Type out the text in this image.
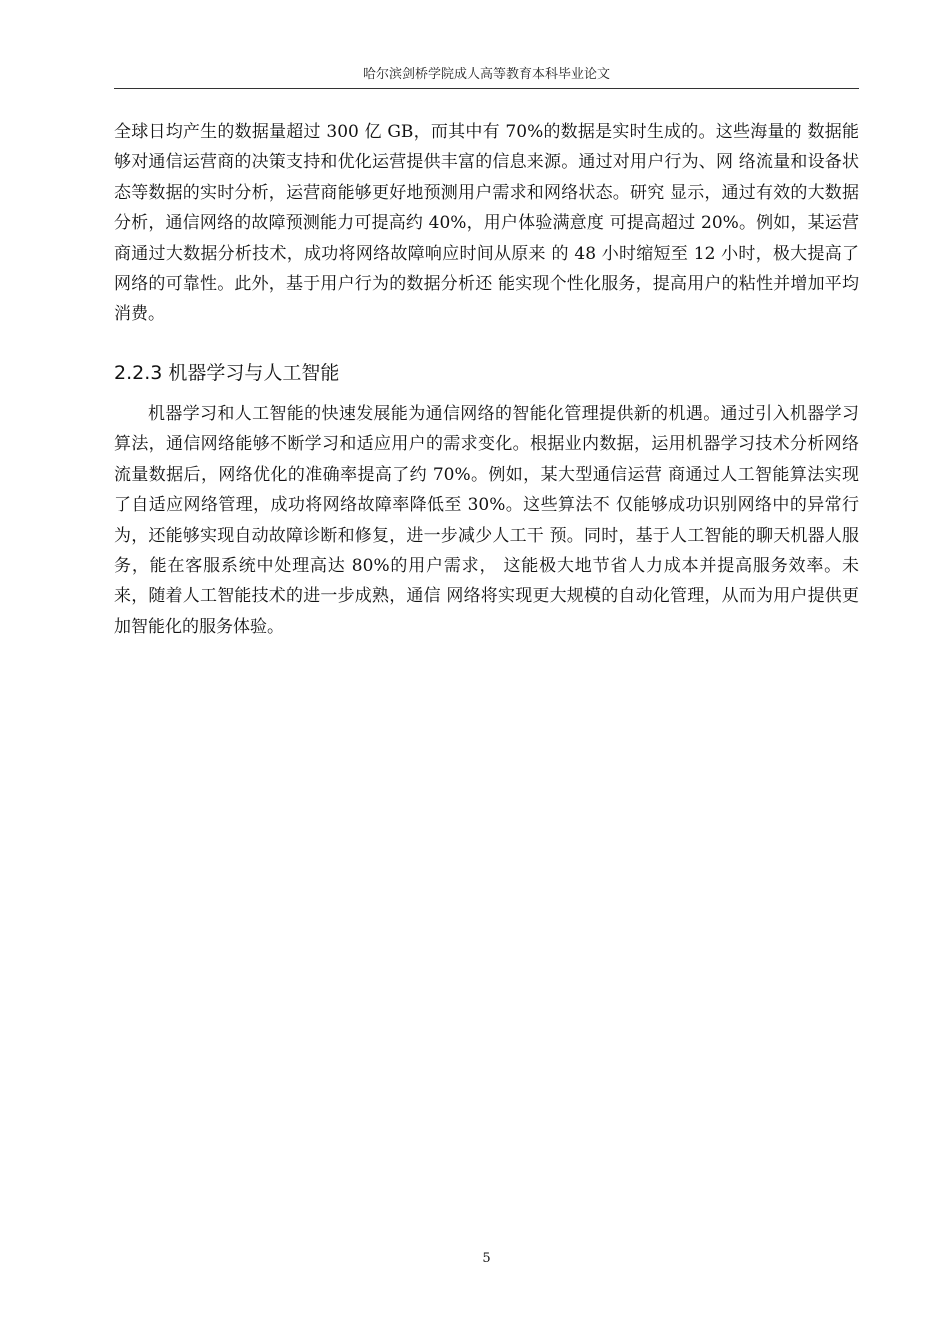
哈尔滨剑桥学院成人高等教育本科毕业论文

全球日均产生的数据量超过 300 亿 GB，而其中有 70%的数据是实时生成的。这些海量的 数据能够对通信运营商的决策支持和优化运营提供丰富的信息来源。通过对用户行为、网 络流量和设备状态等数据的实时分析，运营商能够更好地预测用户需求和网络状态。研究 显示，通过有效的大数据分析，通信网络的故障预测能力可提高约 40%，用户体验满意度 可提高超过 20%。例如，某运营商通过大数据分析技术，成功将网络故障响应时间从原来 的 48 小时缩短至 12 小时，极大提高了网络的可靠性。此外，基于用户行为的数据分析还 能实现个性化服务，提高用户的粘性并增加平均消费。

2.2.3 机器学习与人工智能

机器学习和人工智能的快速发展能为通信网络的智能化管理提供新的机遇。通过引入机器学习算法，通信网络能够不断学习和适应用户的需求变化。根据业内数据，运用机器学习技术分析网络流量数据后，网络优化的准确率提高了约 70%。例如，某大型通信运营 商通过人工智能算法实现了自适应网络管理，成功将网络故障率降低至 30%。这些算法不 仅能够成功识别网络中的异常行为，还能够实现自动故障诊断和修复，进一步减少人工干 预。同时，基于人工智能的聊天机器人服务，能在客服系统中处理高达 80%的用户需求， 这能极大地节省人力成本并提高服务效率。未来，随着人工智能技术的进一步成熟，通信 网络将实现更大规模的自动化管理，从而为用户提供更加智能化的服务体验。

5
